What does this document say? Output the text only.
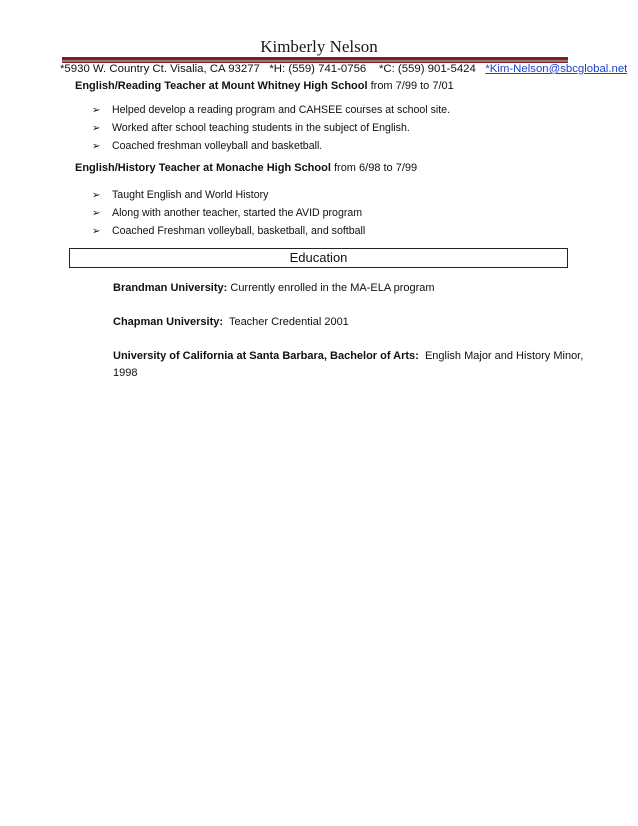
Kimberly Nelson
*5930 W. Country Ct. Visalia, CA 93277 *H: (559) 741-0756 *C: (559) 901-5424 *Kim-Nelson@sbcglobal.net
English/Reading Teacher at Mount Whitney High School from 7/99 to 7/01
➢ Helped develop a reading program and CAHSEE courses at school site.
➢ Worked after school teaching students in the subject of English.
➢ Coached freshman volleyball and basketball.
English/History Teacher at Monache High School from 6/98 to 7/99
➢ Taught English and World History
➢ Along with another teacher, started the AVID program
➢ Coached Freshman volleyball, basketball, and softball
Education
Brandman University: Currently enrolled in the MA-ELA program
Chapman University:  Teacher Credential 2001
University of California at Santa Barbara, Bachelor of Arts:  English Major and History Minor,
1998
